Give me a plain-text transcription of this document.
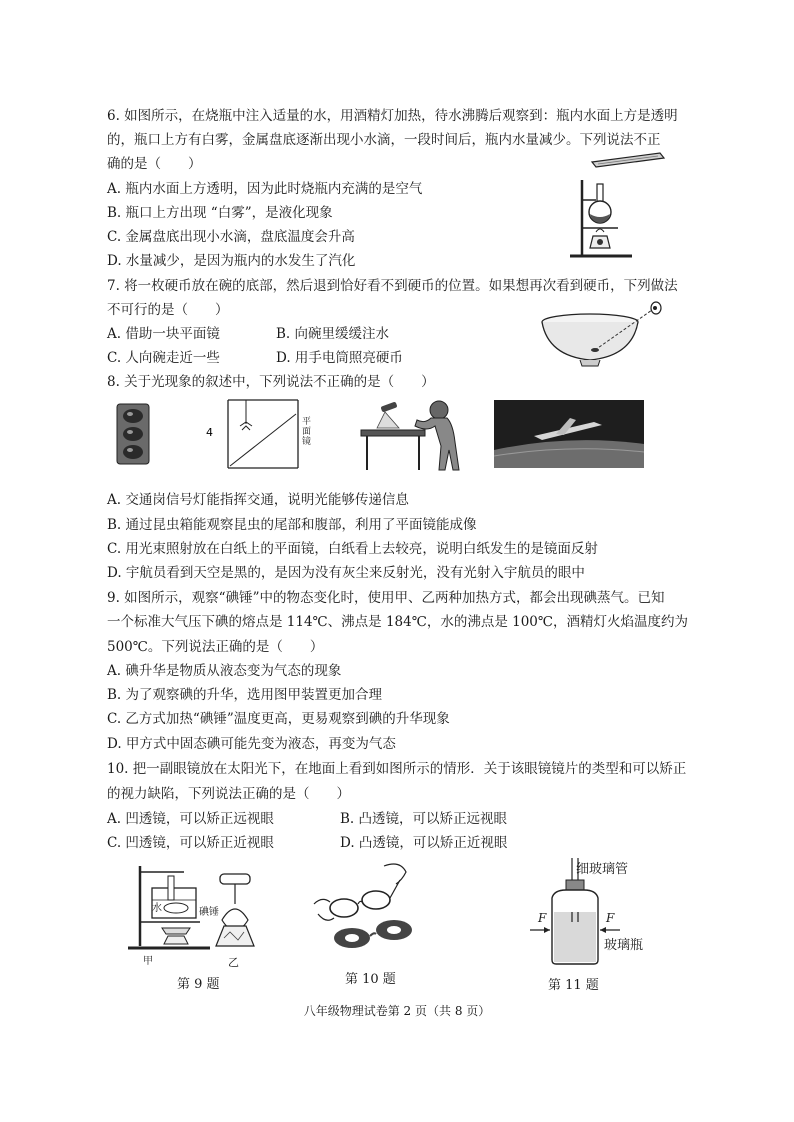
6. 如图所示，在烧瓶中注入适量的水，用酒精灯加热，待水沸腾后观察到：瓶内水面上方是透明
的，瓶口上方有白雾，金属盘底逐渐出现小水滴，一段时间后，瓶内水量减少。下列说法不正
确的是（　　）
A. 瓶内水面上方透明，因为此时烧瓶内充满的是空气
B. 瓶口上方出现 “白雾”，是液化现象
C. 金属盘底出现小水滴，盘底温度会升高
D. 水量减少，是因为瓶内的水发生了汽化
7. 将一枚硬币放在碗的底部，然后退到恰好看不到硬币的位置。如果想再次看到硬币，下列做法
不可行的是（　　）
A. 借助一块平面镜	B. 向碗里缓缓注水
C. 人向碗走近一些	D. 用手电筒照亮硬币
8. 关于光现象的叙述中，下列说法不正确的是（　　）
4
平面镜
A. 交通岗信号灯能指挥交通，说明光能够传递信息
B. 通过昆虫箱能观察昆虫的尾部和腹部，利用了平面镜能成像
C. 用光束照射放在白纸上的平面镜，白纸看上去较亮，说明白纸发生的是镜面反射
D. 宇航员看到天空是黑的，是因为没有灰尘来反射光，没有光射入宇航员的眼中
9. 如图所示，观察“碘锤”中的物态变化时，使用甲、乙两种加热方式，都会出现碘蒸气。已知
一个标准大气压下碘的熔点是 114℃、沸点是 184℃，水的沸点是 100℃，酒精灯火焰温度约为
500℃。下列说法正确的是（　　）
A. 碘升华是物质从液态变为气态的现象
B. 为了观察碘的升华，选用图甲装置更加合理
C. 乙方式加热“碘锤”温度更高，更易观察到碘的升华现象
D. 甲方式中固态碘可能先变为液态，再变为气态
10. 把一副眼镜放在太阳光下，在地面上看到如图所示的情形．关于该眼镜镜片的类型和可以矫正
的视力缺陷，下列说法正确的是（　　）
A. 凹透镜，可以矫正远视眼	B. 凸透镜，可以矫正远视眼
C. 凹透镜，可以矫正近视眼	D. 凸透镜，可以矫正近视眼
水	碘锤
甲	乙
第 9 题	第 10 题
细玻璃管
F	F
玻璃瓶
第 11 题
八年级物理试卷第 2 页（共 8 页）
